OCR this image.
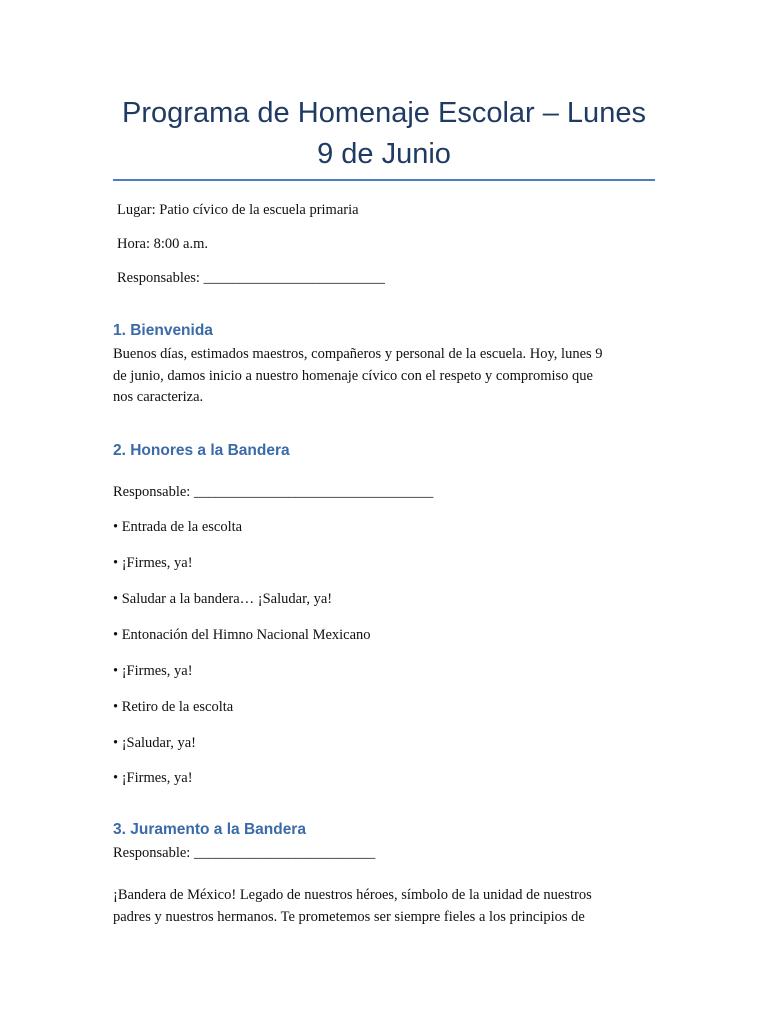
Programa de Homenaje Escolar – Lunes
9 de Junio

Lugar: Patio cívico de la escuela primaria

Hora: 8:00 a.m.

Responsables: _________________________

1. Bienvenida
Buenos días, estimados maestros, compañeros y personal de la escuela. Hoy, lunes 9
de junio, damos inicio a nuestro homenaje cívico con el respeto y compromiso que
nos caracteriza.
2. Honores a la Bandera

Responsable: _________________________________

• Entrada de la escolta

• ¡Firmes, ya!

• Saludar a la bandera… ¡Saludar, ya!

• Entonación del Himno Nacional Mexicano

• ¡Firmes, ya!

• Retiro de la escolta

• ¡Saludar, ya!

• ¡Firmes, ya!

3. Juramento a la Bandera

Responsable: _________________________

¡Bandera de México! Legado de nuestros héroes, símbolo de la unidad de nuestros
padres y nuestros hermanos. Te prometemos ser siempre fieles a los principios de
